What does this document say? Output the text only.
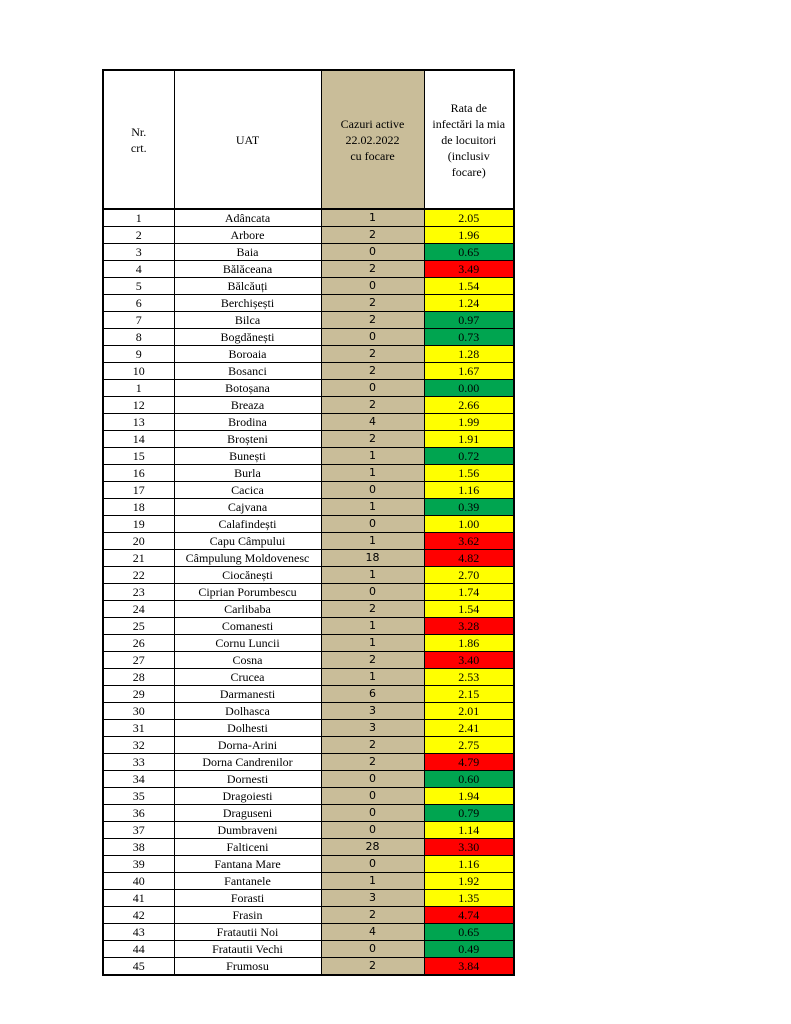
Nr.
crt.	UAT	Cazuri active
22.02.2022
cu focare	Rata de
infectări la mia
de locuitori
(inclusiv
focare)
1	Adâncata	1	2.05
2	Arbore	2	1.96
3	Baia	0	0.65
4	Bălăceana	2	3.49
5	Bălcăuți	0	1.54
6	Berchișești	2	1.24
7	Bilca	2	0.97
8	Bogdănești	0	0.73
9	Boroaia	2	1.28
10	Bosanci	2	1.67
1	Botoșana	0	0.00
12	Breaza	2	2.66
13	Brodina	4	1.99
14	Broșteni	2	1.91
15	Bunești	1	0.72
16	Burla	1	1.56
17	Cacica	0	1.16
18	Cajvana	1	0.39
19	Calafindești	0	1.00
20	Capu Câmpului	1	3.62
21	Câmpulung Moldovenesc	18	4.82
22	Ciocănești	1	2.70
23	Ciprian Porumbescu	0	1.74
24	Carlibaba	2	1.54
25	Comanesti	1	3.28
26	Cornu Luncii	1	1.86
27	Cosna	2	3.40
28	Crucea	1	2.53
29	Darmanesti	6	2.15
30	Dolhasca	3	2.01
31	Dolhesti	3	2.41
32	Dorna-Arini	2	2.75
33	Dorna Candrenilor	2	4.79
34	Dornesti	0	0.60
35	Dragoiesti	0	1.94
36	Draguseni	0	0.79
37	Dumbraveni	0	1.14
38	Falticeni	28	3.30
39	Fantana Mare	0	1.16
40	Fantanele	1	1.92
41	Forasti	3	1.35
42	Frasin	2	4.74
43	Fratautii Noi	4	0.65
44	Fratautii Vechi	0	0.49
45	Frumosu	2	3.84
